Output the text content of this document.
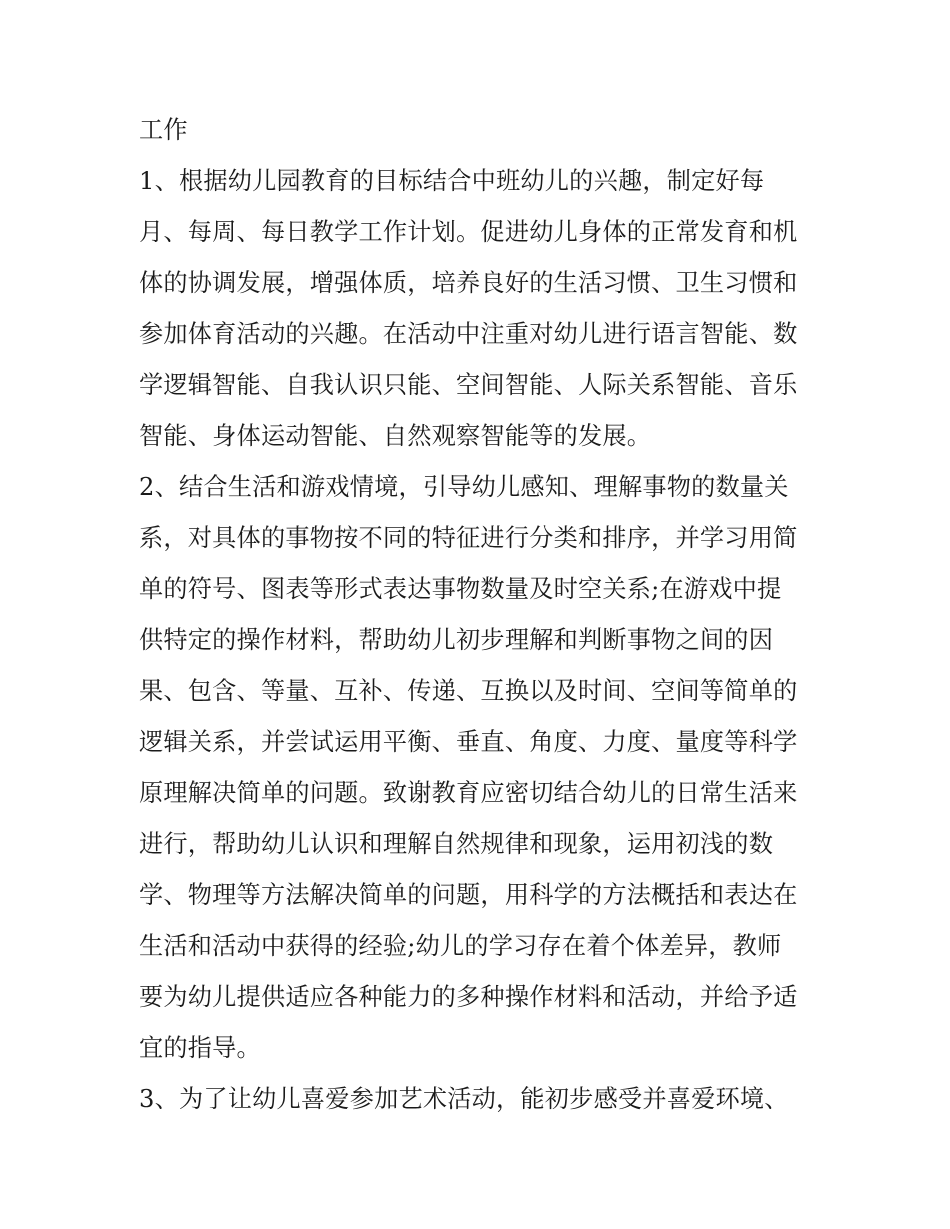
工作
1、根据幼儿园教育的目标结合中班幼儿的兴趣，制定好每
月、每周、每日教学工作计划。促进幼儿身体的正常发育和机
体的协调发展，增强体质，培养良好的生活习惯、卫生习惯和
参加体育活动的兴趣。在活动中注重对幼儿进行语言智能、数
学逻辑智能、自我认识只能、空间智能、人际关系智能、音乐
智能、身体运动智能、自然观察智能等的发展。
2、结合生活和游戏情境，引导幼儿感知、理解事物的数量关
系，对具体的事物按不同的特征进行分类和排序，并学习用简
单的符号、图表等形式表达事物数量及时空关系;在游戏中提
供特定的操作材料，帮助幼儿初步理解和判断事物之间的因
果、包含、等量、互补、传递、互换以及时间、空间等简单的
逻辑关系，并尝试运用平衡、垂直、角度、力度、量度等科学
原理解决简单的问题。致谢教育应密切结合幼儿的日常生活来
进行，帮助幼儿认识和理解自然规律和现象，运用初浅的数
学、物理等方法解决简单的问题，用科学的方法概括和表达在
生活和活动中获得的经验;幼儿的学习存在着个体差异，教师
要为幼儿提供适应各种能力的多种操作材料和活动，并给予适
宜的指导。
3、为了让幼儿喜爱参加艺术活动，能初步感受并喜爱环境、
